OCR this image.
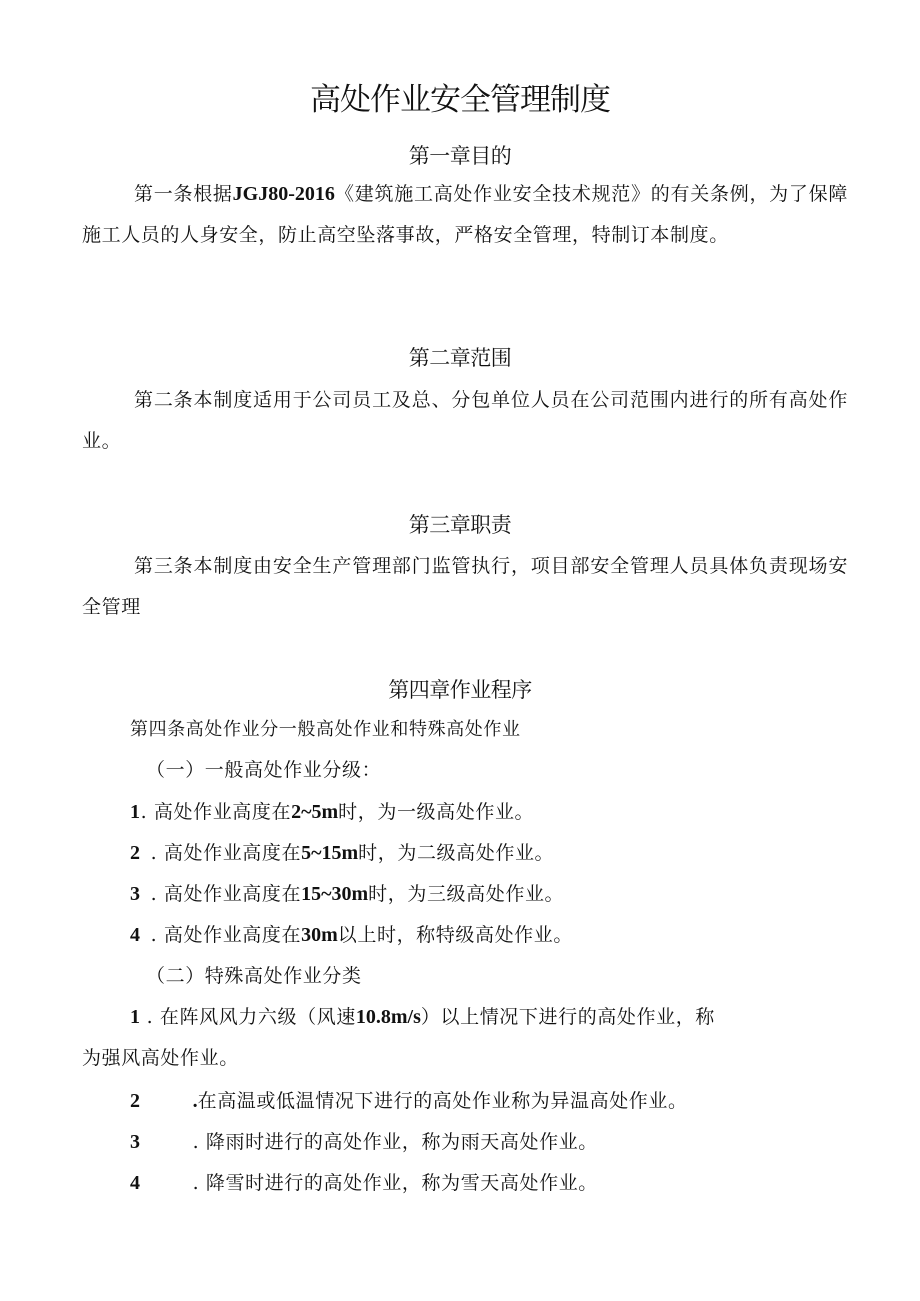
高处作业安全管理制度
第一章目的

第一条根据JGJ80-2016《建筑施工高处作业安全技术规范》的有关条例，为了保障施工人员的人身安全，防止高空坠落事故，严格安全管理，特制订本制度。

第二章范围

第二条本制度适用于公司员工及总、分包单位人员在公司范围内进行的所有高处作业。

第三章职责

第三条本制度由安全生产管理部门监管执行，项目部安全管理人员具体负责现场安全管理

第四章作业程序

第四条高处作业分一般高处作业和特殊高处作业

（一）一般高处作业分级：

1. 高处作业高度在2~5m时，为一级高处作业。

2 . 高处作业高度在5~15m时，为二级高处作业。

3 . 高处作业高度在15~30m时，为三级高处作业。

4 . 高处作业高度在30m以上时，称特级高处作业。

（二）特殊高处作业分类

1 . 在阵风风力六级（风速10.8m/s）以上情况下进行的高处作业，称

为强风高处作业。

2	.在高温或低温情况下进行的高处作业称为异温高处作业。

3	. 降雨时进行的高处作业，称为雨天高处作业。

4	. 降雪时进行的高处作业，称为雪天高处作业。
